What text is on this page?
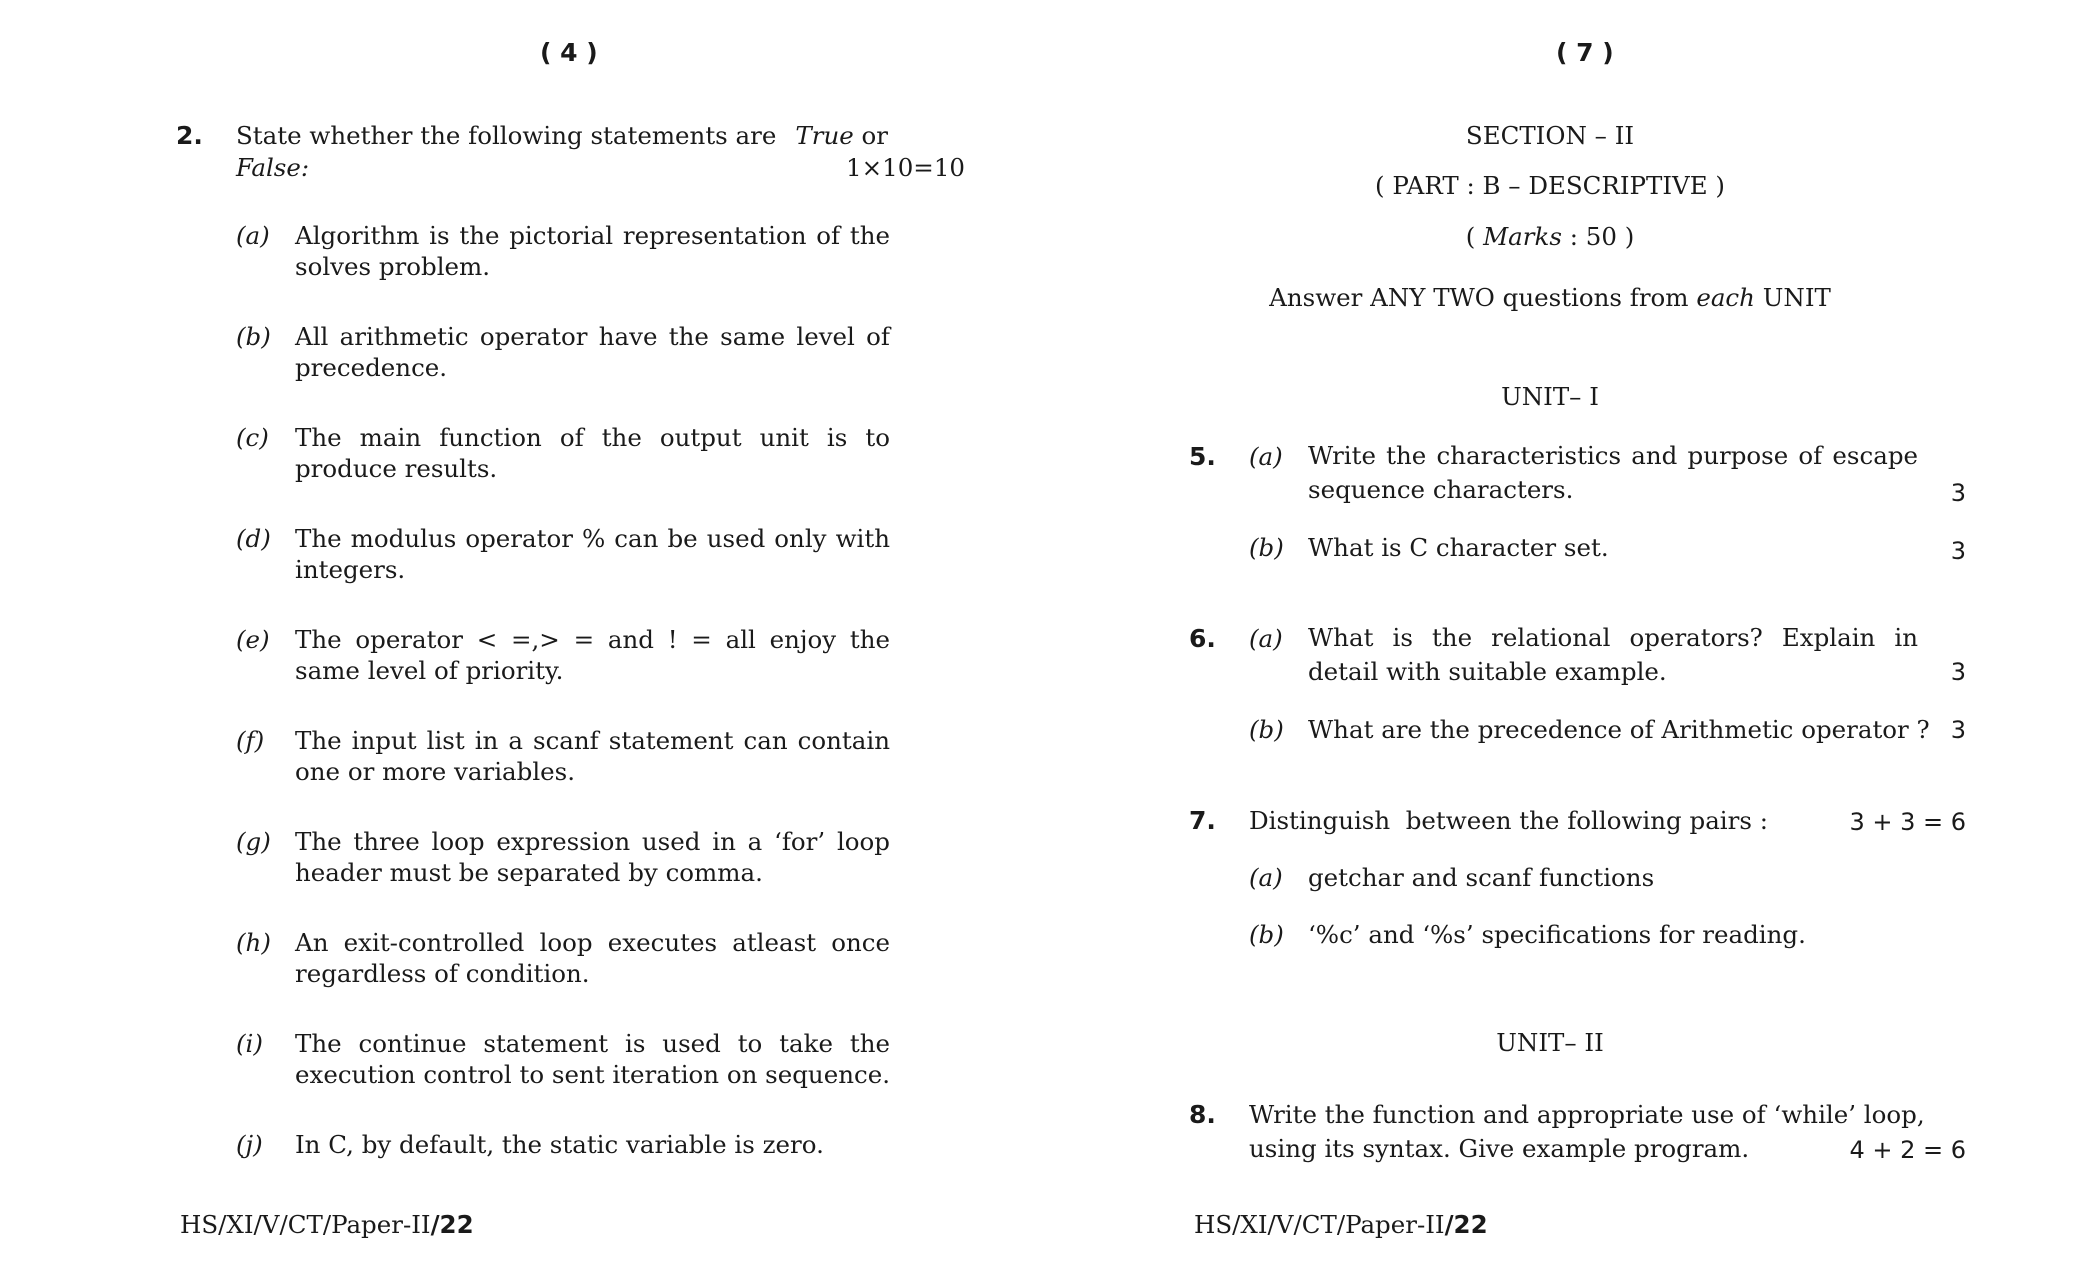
( 4 )
2. State whether the following statements are True or
False:	1×10=10
(a) Algorithm is the pictorial representation of the solves problem.
(b) All arithmetic operator have the same level of precedence.
(c) The main function of the output unit is to produce results.
(d) The modulus operator % can be used only with integers.
(e) The operator < =,> = and ! = all enjoy the same level of priority.
(f) The input list in a scanf statement can contain one or more variables.
(g) The three loop expression used in a ‘for’ loop header must be separated by comma.
(h) An exit-controlled loop executes atleast once regardless of condition.
(i) The continue statement is used to take the execution control to sent iteration on sequence.
(j) In C, by default, the static variable is zero.
HS/XI/V/CT/Paper-II/22
( 7 )
SECTION – II
( PART : B – DESCRIPTIVE )
( Marks : 50 )
Answer ANY TWO questions from each UNIT
UNIT– I
5. (a) Write the characteristics and purpose of escape sequence characters.	3
(b) What is C character set.	3
6. (a) What is the relational operators? Explain in detail with suitable example.	3
(b) What are the precedence of Arithmetic operator ? 3
7. Distinguish  between the following pairs :	3 + 3 = 6
(a) getchar and scanf functions
(b) ‘%c’ and ‘%s’ specifications for reading.
UNIT– II
8. Write the function and appropriate use of ‘while’ loop,
using its syntax. Give example program.	4 + 2 = 6
HS/XI/V/CT/Paper-II/22
